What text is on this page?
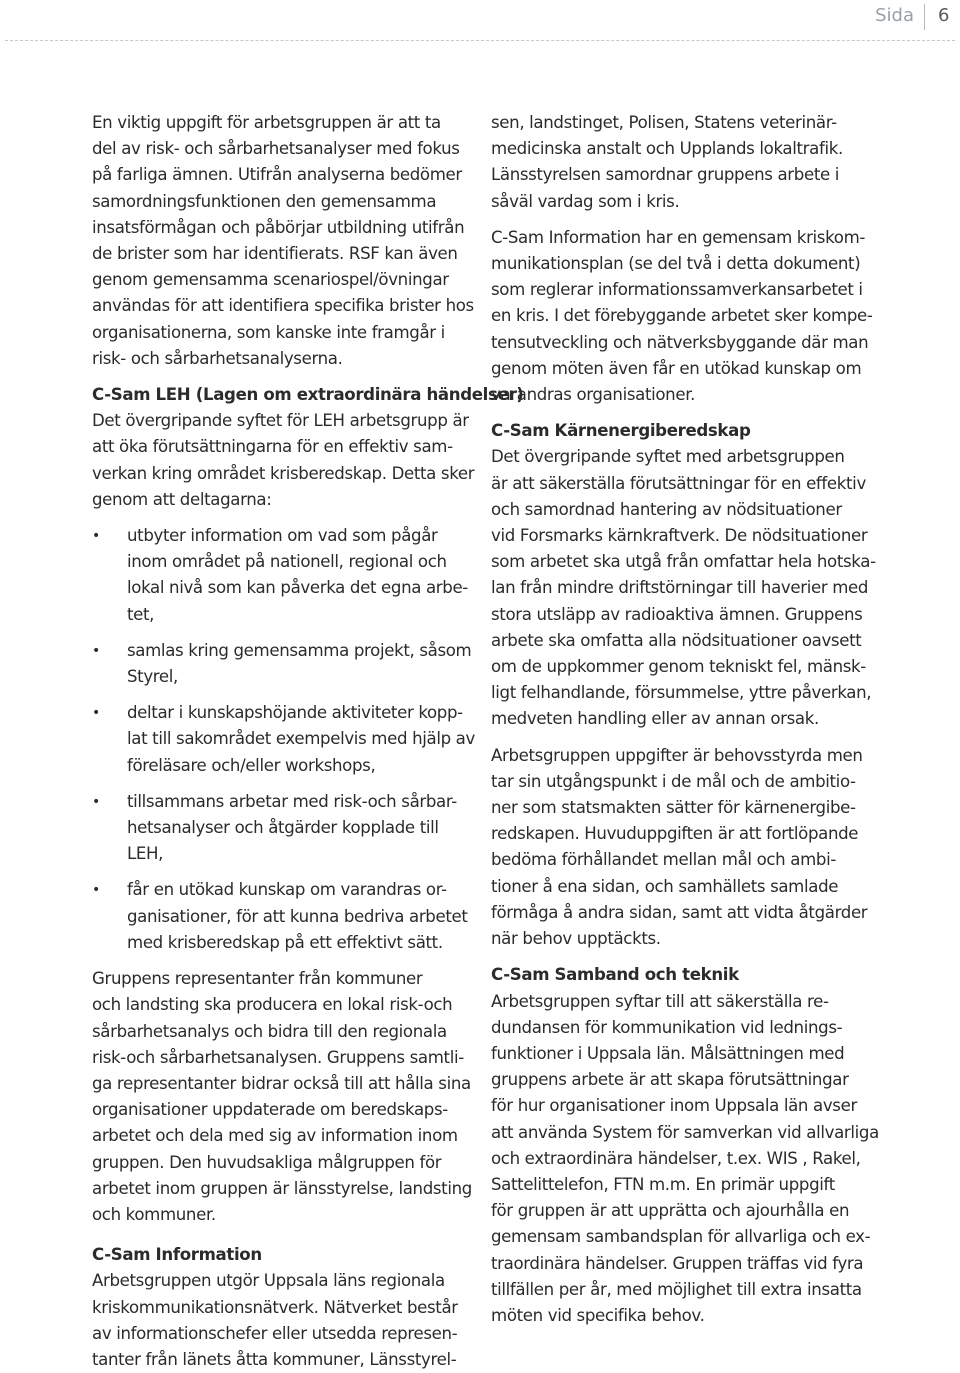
Sida 6

En viktig uppgift för arbetsgruppen är att ta
del av risk- och sårbarhetsanalyser med fokus
på farliga ämnen. Utifrån analyserna bedömer
samordningsfunktionen den gemensamma
insatsförmågan och påbörjar utbildning utifrån
de brister som har identifierats. RSF kan även
genom gemensamma scenariospel/övningar
användas för att identifiera specifika brister hos
organisationerna, som kanske inte framgår i
risk- och sårbarhetsanalyserna.

C-Sam LEH (Lagen om extraordinära händelser)

Det övergripande syftet för LEH arbetsgrupp är
att öka förutsättningarna för en effektiv sam-
verkan kring området krisberedskap. Detta sker
genom att deltagarna:

• utbyter information om vad som pågår
inom området på nationell, regional och
lokal nivå som kan påverka det egna arbe-
tet,
• samlas kring gemensamma projekt, såsom
Styrel,
• deltar i kunskapshöjande aktiviteter kopp-
lat till sakområdet exempelvis med hjälp av
föreläsare och/eller workshops,
• tillsammans arbetar med risk-och sårbar-
hetsanalyser och åtgärder kopplade till
LEH,
• får en utökad kunskap om varandras or-
ganisationer, för att kunna bedriva arbetet
med krisberedskap på ett effektivt sätt.

Gruppens representanter från kommuner
och landsting ska producera en lokal risk-och
sårbarhetsanalys och bidra till den regionala
risk-och sårbarhetsanalysen. Gruppens samtli-
ga representanter bidrar också till att hålla sina
organisationer uppdaterade om beredskaps-
arbetet och dela med sig av information inom
gruppen. Den huvudsakliga målgruppen för
arbetet inom gruppen är länsstyrelse, landsting
och kommuner.

C-Sam Information

Arbetsgruppen utgör Uppsala läns regionala
kriskommunikationsnätverk. Nätverket består
av informationschefer eller utsedda represen-
tanter från länets åtta kommuner, Länsstyrel-

sen, landstinget, Polisen, Statens veterinär-
medicinska anstalt och Upplands lokaltrafik.
Länsstyrelsen samordnar gruppens arbete i
såväl vardag som i kris.

C-Sam Information har en gemensam kriskom-
munikationsplan (se del två i detta dokument)
som reglerar informationssamverkansarbetet i
en kris. I det förebyggande arbetet sker kompe-
tensutveckling och nätverksbyggande där man
genom möten även får en utökad kunskap om
varandras organisationer.

C-Sam Kärnenergiberedskap

Det övergripande syftet med arbetsgruppen
är att säkerställa förutsättningar för en effektiv
och samordnad hantering av nödsituationer
vid Forsmarks kärnkraftverk. De nödsituationer
som arbetet ska utgå från omfattar hela hotska-
lan från mindre driftstörningar till haverier med
stora utsläpp av radioaktiva ämnen. Gruppens
arbete ska omfatta alla nödsituationer oavsett
om de uppkommer genom tekniskt fel, mänsk-
ligt felhandlande, försummelse, yttre påverkan,
medveten handling eller av annan orsak.

Arbetsgruppen uppgifter är behovsstyrda men
tar sin utgångspunkt i de mål och de ambitio-
ner som statsmakten sätter för kärnenergibe-
redskapen. Huvuduppgiften är att fortlöpande
bedöma förhållandet mellan mål och ambi-
tioner å ena sidan, och samhällets samlade
förmåga å andra sidan, samt att vidta åtgärder
när behov upptäckts.

C-Sam Samband och teknik

Arbetsgruppen syftar till att säkerställa re-
dundansen för kommunikation vid lednings-
funktioner i Uppsala län. Målsättningen med
gruppens arbete är att skapa förutsättningar
för hur organisationer inom Uppsala län avser
att använda System för samverkan vid allvarliga
och extraordinära händelser, t.ex. WIS , Rakel,
Sattelittelefon, FTN m.m. En primär uppgift
för gruppen är att upprätta och ajourhålla en
gemensam sambandsplan för allvarliga och ex-
traordinära händelser. Gruppen träffas vid fyra
tillfällen per år, med möjlighet till extra insatta
möten vid specifika behov.
